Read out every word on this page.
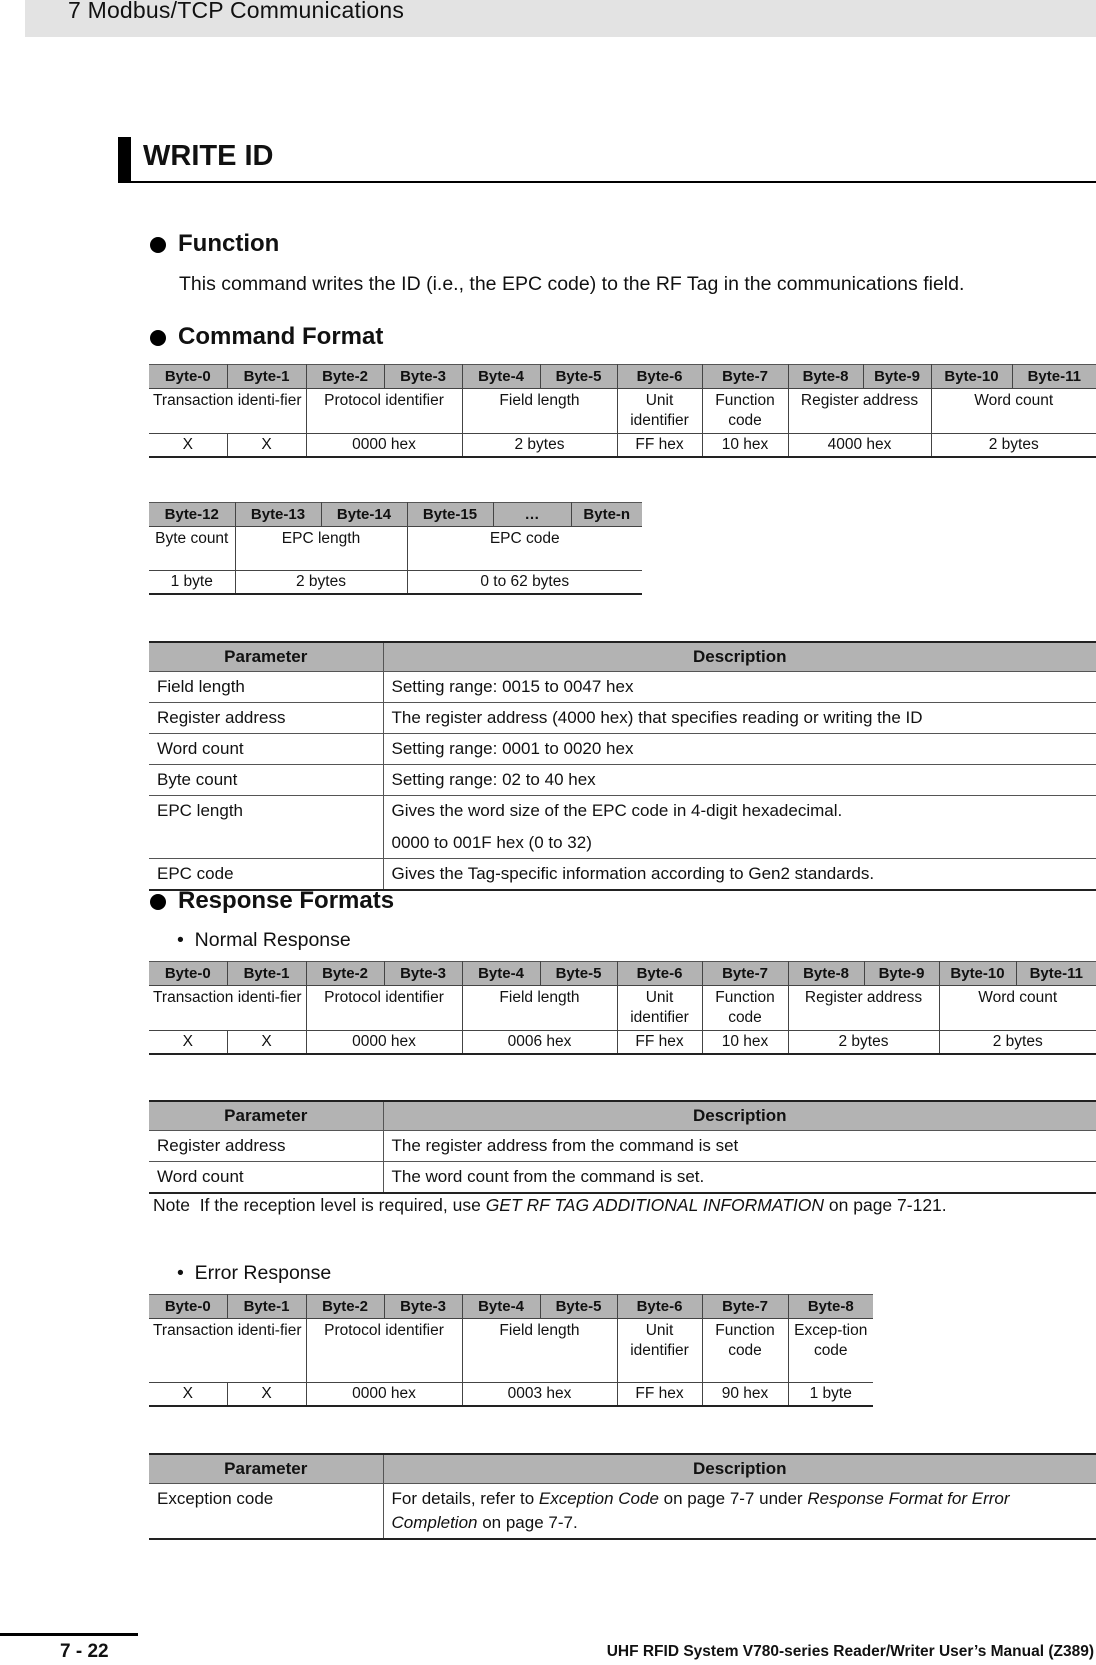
7 Modbus/TCP Communications
WRITE ID
Function
This command writes the ID (i.e., the EPC code) to the RF Tag in the communications field.
Command Format
Byte-0	Byte-1	Byte-2	Byte-3	Byte-4	Byte-5	Byte-6	Byte-7	Byte-8	Byte-9	Byte-10	Byte-11
Transaction identi-fier		Protocol identifier		Field length		Unit identifier	Function code	Register address		Word count	
X	X	0000 hex		2 bytes		FF hex	10 hex	4000 hex		2 bytes	
Byte-12	Byte-13	Byte-14	Byte-15	…	Byte-n
Byte count	EPC length		EPC code		
1 byte	2 bytes		0 to 62 bytes		
Parameter	Description
Field length	Setting range: 0015 to 0047 hex
Register address	The register address (4000 hex) that specifies reading or writing the ID
Word count	Setting range: 0001 to 0020 hex
Byte count	Setting range: 02 to 40 hex
EPC length	Gives the word size of the EPC code in 4-digit hexadecimal.
0000 to 001F hex (0 to 32)

EPC code	Gives the Tag-specific information according to Gen2 standards.
Response Formats
•  Normal Response
Byte-0	Byte-1	Byte-2	Byte-3	Byte-4	Byte-5	Byte-6	Byte-7	Byte-8	Byte-9	Byte-10	Byte-11
Transaction identi-fier		Protocol identifier		Field length		Unit identifier	Function code	Register address		Word count	
X	X	0000 hex		0006 hex		FF hex	10 hex	2 bytes		2 bytes	
Parameter	Description
Register address	The register address from the command is set
Word count	The word count from the command is set.
Note  If the reception level is required, use GET RF TAG ADDITIONAL INFORMATION on page 7-121.
•  Error Response
Byte-0	Byte-1	Byte-2	Byte-3	Byte-4	Byte-5	Byte-6	Byte-7	Byte-8
Transaction identi-fier		Protocol identifier		Field length		Unit identifier	Function code	Excep-tion code
X	X	0000 hex		0003 hex		FF hex	90 hex	1 byte
Parameter	Description
Exception code	For details, refer to Exception Code on page 7-7 under Response Format for Error Completion on page 7-7.
7 - 22	UHF RFID System V780-series Reader/Writer User’s Manual (Z389)
